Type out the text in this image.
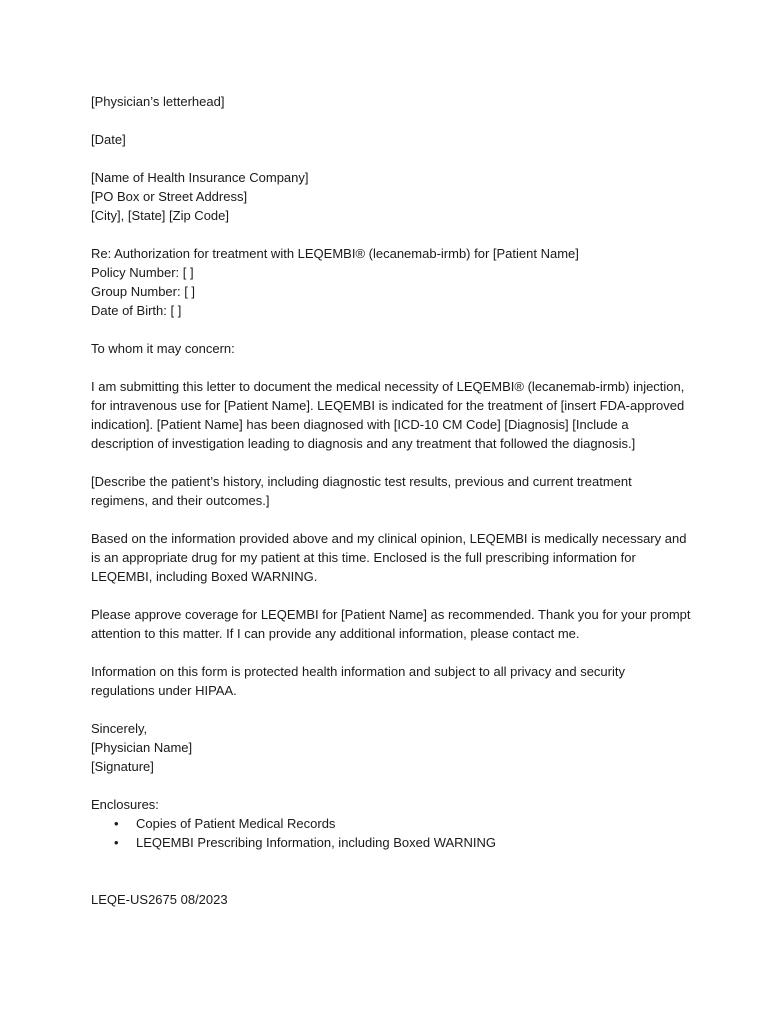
[Physician’s letterhead]

[Date]

[Name of Health Insurance Company]
[PO Box or Street Address]
[City], [State] [Zip Code]

Re: Authorization for treatment with LEQEMBI® (lecanemab-irmb) for [Patient Name]
Policy Number: [ ]
Group Number: [ ]
Date of Birth: [ ]

To whom it may concern:

I am submitting this letter to document the medical necessity of LEQEMBI® (lecanemab-irmb) injection, for intravenous use for [Patient Name]. LEQEMBI is indicated for the treatment of [insert FDA-approved indication]. [Patient Name] has been diagnosed with [ICD-10 CM Code] [Diagnosis] [Include a description of investigation leading to diagnosis and any treatment that followed the diagnosis.]

[Describe the patient’s history, including diagnostic test results, previous and current treatment regimens, and their outcomes.]

Based on the information provided above and my clinical opinion, LEQEMBI is medically necessary and is an appropriate drug for my patient at this time. Enclosed is the full prescribing information for LEQEMBI, including Boxed WARNING.

Please approve coverage for LEQEMBI for [Patient Name] as recommended. Thank you for your prompt attention to this matter. If I can provide any additional information, please contact me.

Information on this form is protected health information and subject to all privacy and security regulations under HIPAA.

Sincerely,
[Physician Name]
[Signature]

Enclosures:
• Copies of Patient Medical Records
• LEQEMBI Prescribing Information, including Boxed WARNING
LEQE-US2675 08/2023
